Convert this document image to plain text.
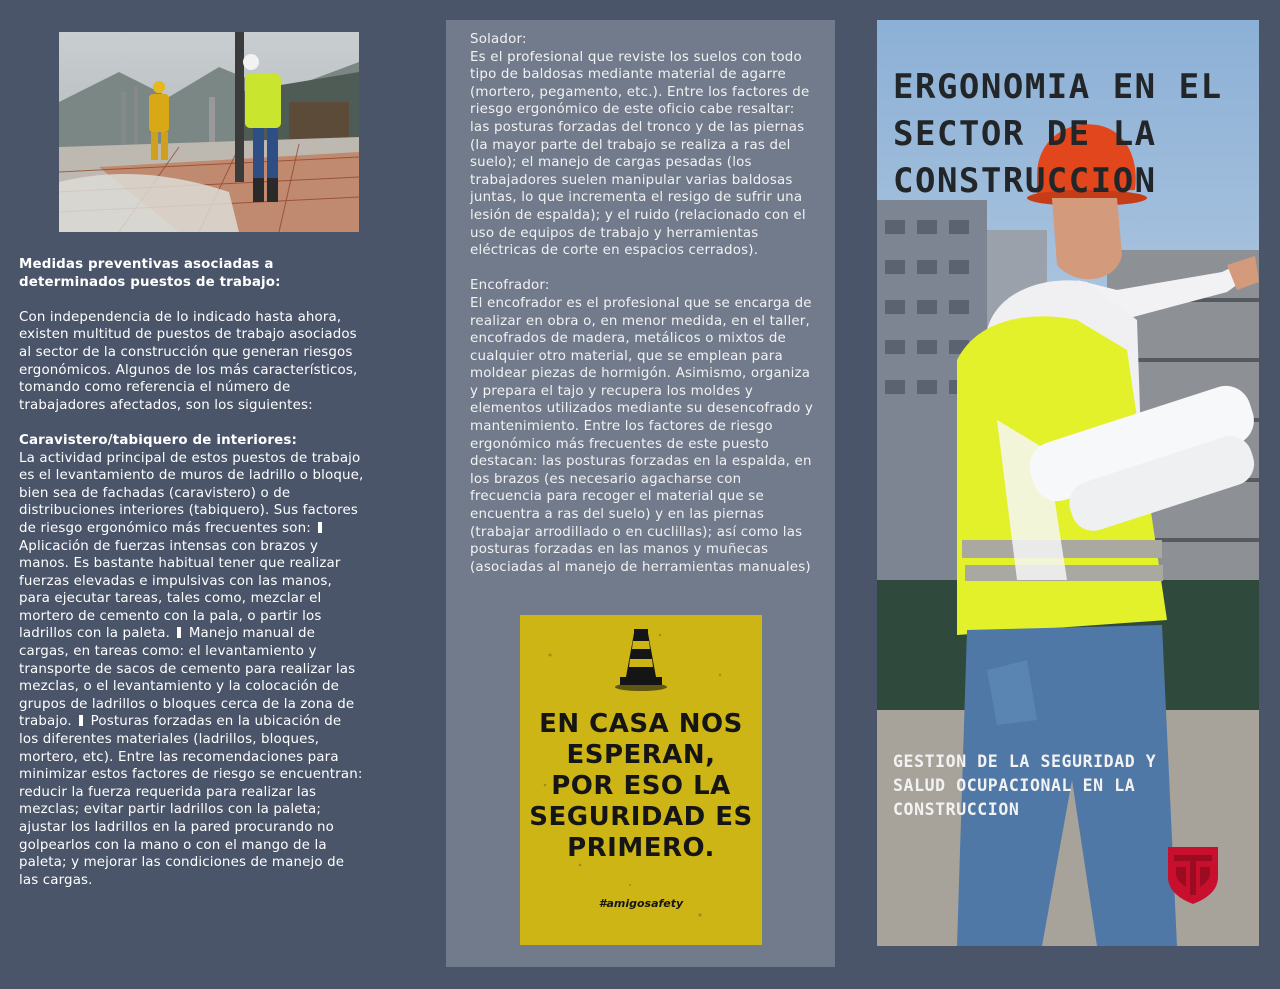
Medidas preventivas asociadas a determinados puestos de trabajo:

Con independencia de lo indicado hasta ahora, existen multitud de puestos de trabajo asociados al sector de la construcción que generan riesgos ergonómicos. Algunos de los más característicos, tomando como referencia el número de trabajadores afectados, son los siguientes:

Caravistero/tabiquero de interiores:
La actividad principal de estos puestos de trabajo es el levantamiento de muros de ladrillo o bloque, bien sea de fachadas (caravistero) o de distribuciones interiores (tabiquero). Sus factores de riesgo ergonómico más frecuentes son:  Aplicación de fuerzas intensas con brazos y manos. Es bastante habitual tener que realizar fuerzas elevadas e impulsivas con las manos, para ejecutar tareas, tales como, mezclar el mortero de cemento con la pala, o partir los ladrillos con la paleta. Manejo manual de cargas, en tareas como: el levantamiento y transporte de sacos de cemento para realizar las mezclas, o el levantamiento y la colocación de grupos de ladrillos o bloques cerca de la zona de trabajo. Posturas forzadas en la ubicación de los diferentes materiales (ladrillos, bloques, mortero, etc). Entre las recomendaciones para minimizar estos factores de riesgo se encuentran: reducir la fuerza requerida para realizar las mezclas; evitar partir ladrillos con la paleta; ajustar los ladrillos en la pared procurando no golpearlos con la mano o con el mango de la paleta; y mejorar las condiciones de manejo de las cargas.

Solador:
Es el profesional que reviste los suelos con todo tipo de baldosas mediante material de agarre (mortero, pegamento, etc.). Entre los factores de riesgo ergonómico de este oficio cabe resaltar: las posturas forzadas del tronco y de las piernas (la mayor parte del trabajo se realiza a ras del suelo); el manejo de cargas pesadas (los trabajadores suelen manipular varias baldosas juntas, lo que incrementa el resigo de sufrir una lesión de espalda); y el ruido (relacionado con el uso de equipos de trabajo y herramientas eléctricas de corte en espacios cerrados).

Encofrador:
El encofrador es el profesional que se encarga de realizar en obra o, en menor medida, en el taller, encofrados de madera, metálicos o mixtos de cualquier otro material, que se emplean para moldear piezas de hormigón. Asimismo, organiza y prepara el tajo y recupera los moldes y elementos utilizados mediante su desencofrado y mantenimiento. Entre los factores de riesgo ergonómico más frecuentes de este puesto destacan: las posturas forzadas en la espalda, en los brazos (es necesario agacharse con frecuencia para recoger el material que se encuentra a ras del suelo) y en las piernas (trabajar arrodillado o en cuclillas); así como las posturas forzadas en las manos y muñecas (asociadas al manejo de herramientas manuales)

EN CASA NOS
ESPERAN,
POR ESO LA
SEGURIDAD ES
PRIMERO.
#amigosafety
ERGONOMIA EN EL
SECTOR DE LA
CONSTRUCCION
GESTION DE LA SEGURIDAD Y
SALUD OCUPACIONAL EN LA
CONSTRUCCION
